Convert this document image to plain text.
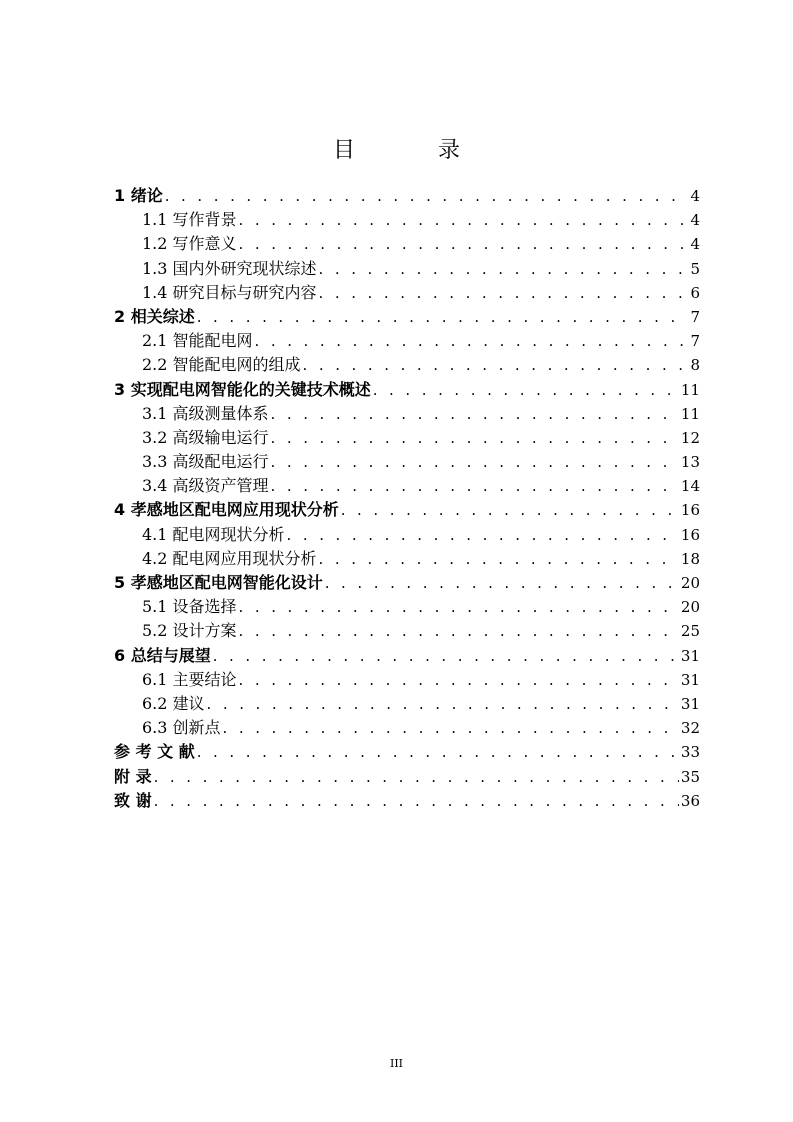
目 录
1 绪论 . . .	4
1.1 写作背景 . . .	4
1.2 写作意义 . . .	4
1.3 国内外研究现状综述 . . .	5
1.4 研究目标与研究内容 . . .	6
2 相关综述 . . .	7
2.1 智能配电网 . . .	7
2.2 智能配电网的组成 . . .	8
3 实现配电网智能化的关键技术概述 . . .	11
3.1 高级测量体系 . . .	11
3.2 高级输电运行 . . .	12
3.3 高级配电运行 . . .	13
3.4 高级资产管理 . . .	14
4 孝感地区配电网应用现状分析 . . .	16
4.1 配电网现状分析 . . .	16
4.2 配电网应用现状分析 . . .	18
5 孝感地区配电网智能化设计 . . .	20
5.1 设备选择 . . .	20
5.2 设计方案 . . .	25
6 总结与展望 . . .	31
6.1 主要结论 . . .	31
6.2 建议 . . .	31
6.3 创新点 . . .	32
参 考 文 献 . . .	33
附 录 . . .	35
致 谢 . . .	36
III
